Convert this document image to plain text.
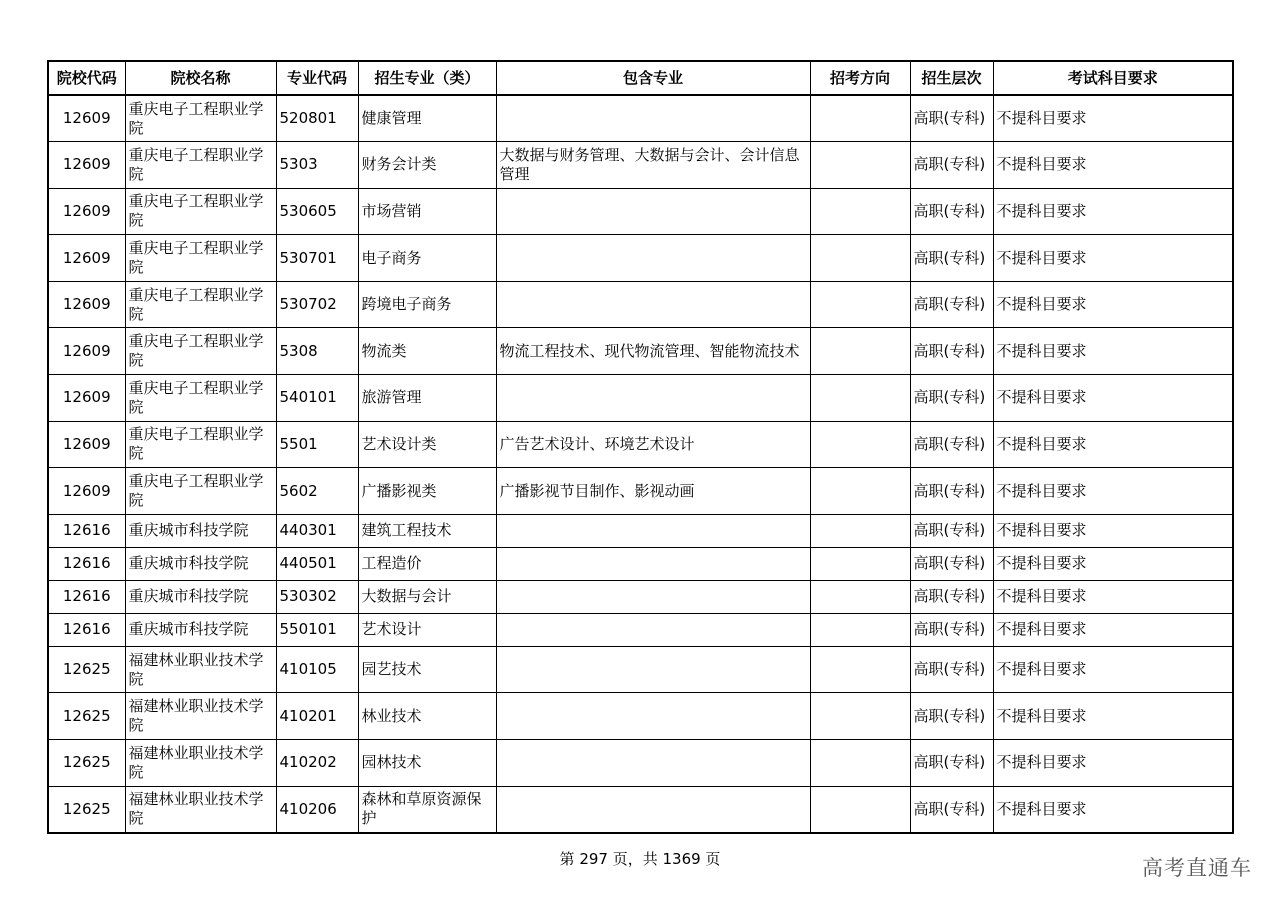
院校代码	院校名称	专业代码	招生专业（类）	包含专业	招考方向	招生层次	考试科目要求
12609	重庆电子工程职业学院	520801	健康管理			高职(专科)	不提科目要求
12609	重庆电子工程职业学院	5303	财务会计类	大数据与财务管理、大数据与会计、会计信息管理		高职(专科)	不提科目要求
12609	重庆电子工程职业学院	530605	市场营销			高职(专科)	不提科目要求
12609	重庆电子工程职业学院	530701	电子商务			高职(专科)	不提科目要求
12609	重庆电子工程职业学院	530702	跨境电子商务			高职(专科)	不提科目要求
12609	重庆电子工程职业学院	5308	物流类	物流工程技术、现代物流管理、智能物流技术		高职(专科)	不提科目要求
12609	重庆电子工程职业学院	540101	旅游管理			高职(专科)	不提科目要求
12609	重庆电子工程职业学院	5501	艺术设计类	广告艺术设计、环境艺术设计		高职(专科)	不提科目要求
12609	重庆电子工程职业学院	5602	广播影视类	广播影视节目制作、影视动画		高职(专科)	不提科目要求
12616	重庆城市科技学院	440301	建筑工程技术			高职(专科)	不提科目要求
12616	重庆城市科技学院	440501	工程造价			高职(专科)	不提科目要求
12616	重庆城市科技学院	530302	大数据与会计			高职(专科)	不提科目要求
12616	重庆城市科技学院	550101	艺术设计			高职(专科)	不提科目要求
12625	福建林业职业技术学院	410105	园艺技术			高职(专科)	不提科目要求
12625	福建林业职业技术学院	410201	林业技术			高职(专科)	不提科目要求
12625	福建林业职业技术学院	410202	园林技术			高职(专科)	不提科目要求
12625	福建林业职业技术学院	410206	森林和草原资源保护			高职(专科)	不提科目要求
第 297 页，共 1369 页	高考直通车
